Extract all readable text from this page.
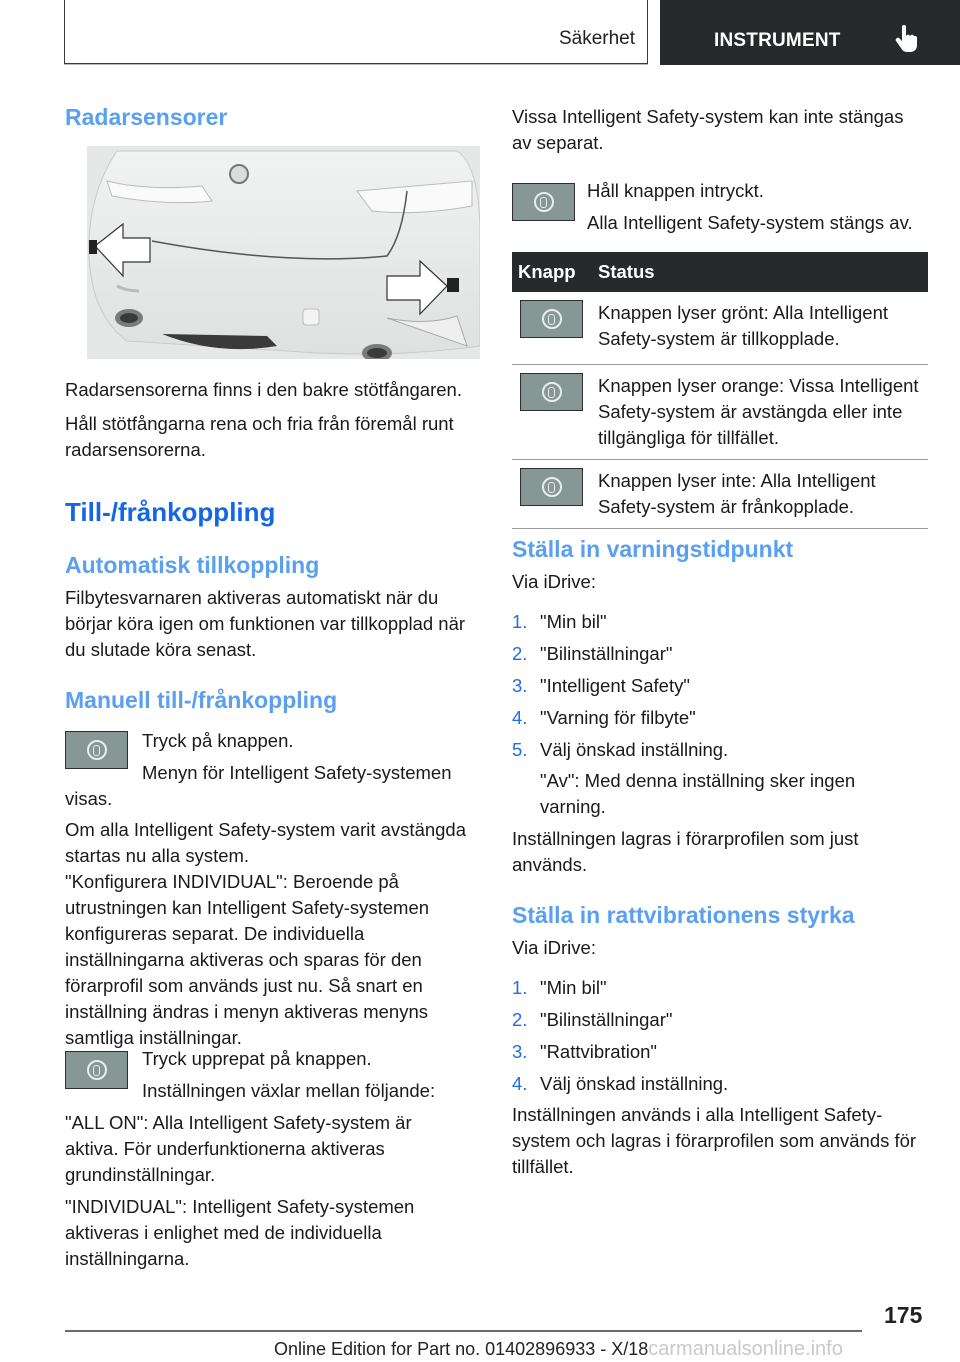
Säkerhet	INSTRUMENT
Radarsensorer

Radarsensorerna finns i den bakre stötfångaren.

Håll stötfångarna rena och fria från föremål runt radarsensorerna.

Till-/frånkoppling
Automatisk tillkoppling

Filbytesvarnaren aktiveras automatiskt när du börjar köra igen om funktionen var tillkopplad när du slutade köra senast.

Manuell till-/frånkoppling

Tryck på knappen.

Menyn för Intelligent Safety-systemen visas.

Om alla Intelligent Safety-system varit avstängda startas nu alla system.

"Konfigurera INDIVIDUAL": Beroende på utrustningen kan Intelligent Safety-systemen konfigureras separat. De individuella inställningarna aktiveras och sparas för den förarprofil som används just nu. Så snart en inställning ändras i menyn aktiveras menyns samtliga inställningar.

Tryck upprepat på knappen.

Inställningen växlar mellan följande:

"ALL ON": Alla Intelligent Safety-system är aktiva. För underfunktionerna aktiveras grundinställningar.

"INDIVIDUAL": Intelligent Safety-systemen aktiveras i enlighet med de individuella inställningarna.

Vissa Intelligent Safety-system kan inte stängas av separat.

Håll knappen intryckt.

Alla Intelligent Safety-system stängs av.

Knapp	Status

	Knappen lyser grönt: Alla Intelligent Safety-system är tillkopplade.

	Knappen lyser orange: Vissa Intelligent Safety-system är avstängda eller inte tillgängliga för tillfället.

	Knappen lyser inte: Alla Intelligent Safety-system är frånkopplade.
Ställa in varningstidpunkt

Via iDrive:

1. "Min bil"
2. "Bilinställningar"
3. "Intelligent Safety"
4. "Varning för filbyte"
5. Välj önskad inställning.

"Av": Med denna inställning sker ingen varning.

Inställningen lagras i förarprofilen som just används.

Ställa in rattvibrationens styrka

Via iDrive:

1. "Min bil"
2. "Bilinställningar"
3. "Rattvibration"
4. Välj önskad inställning.

Inställningen används i alla Intelligent Safety-system och lagras i förarprofilen som används för tillfället.

175
Online Edition for Part no. 01402896933 - X/18carmanualsonline.info
